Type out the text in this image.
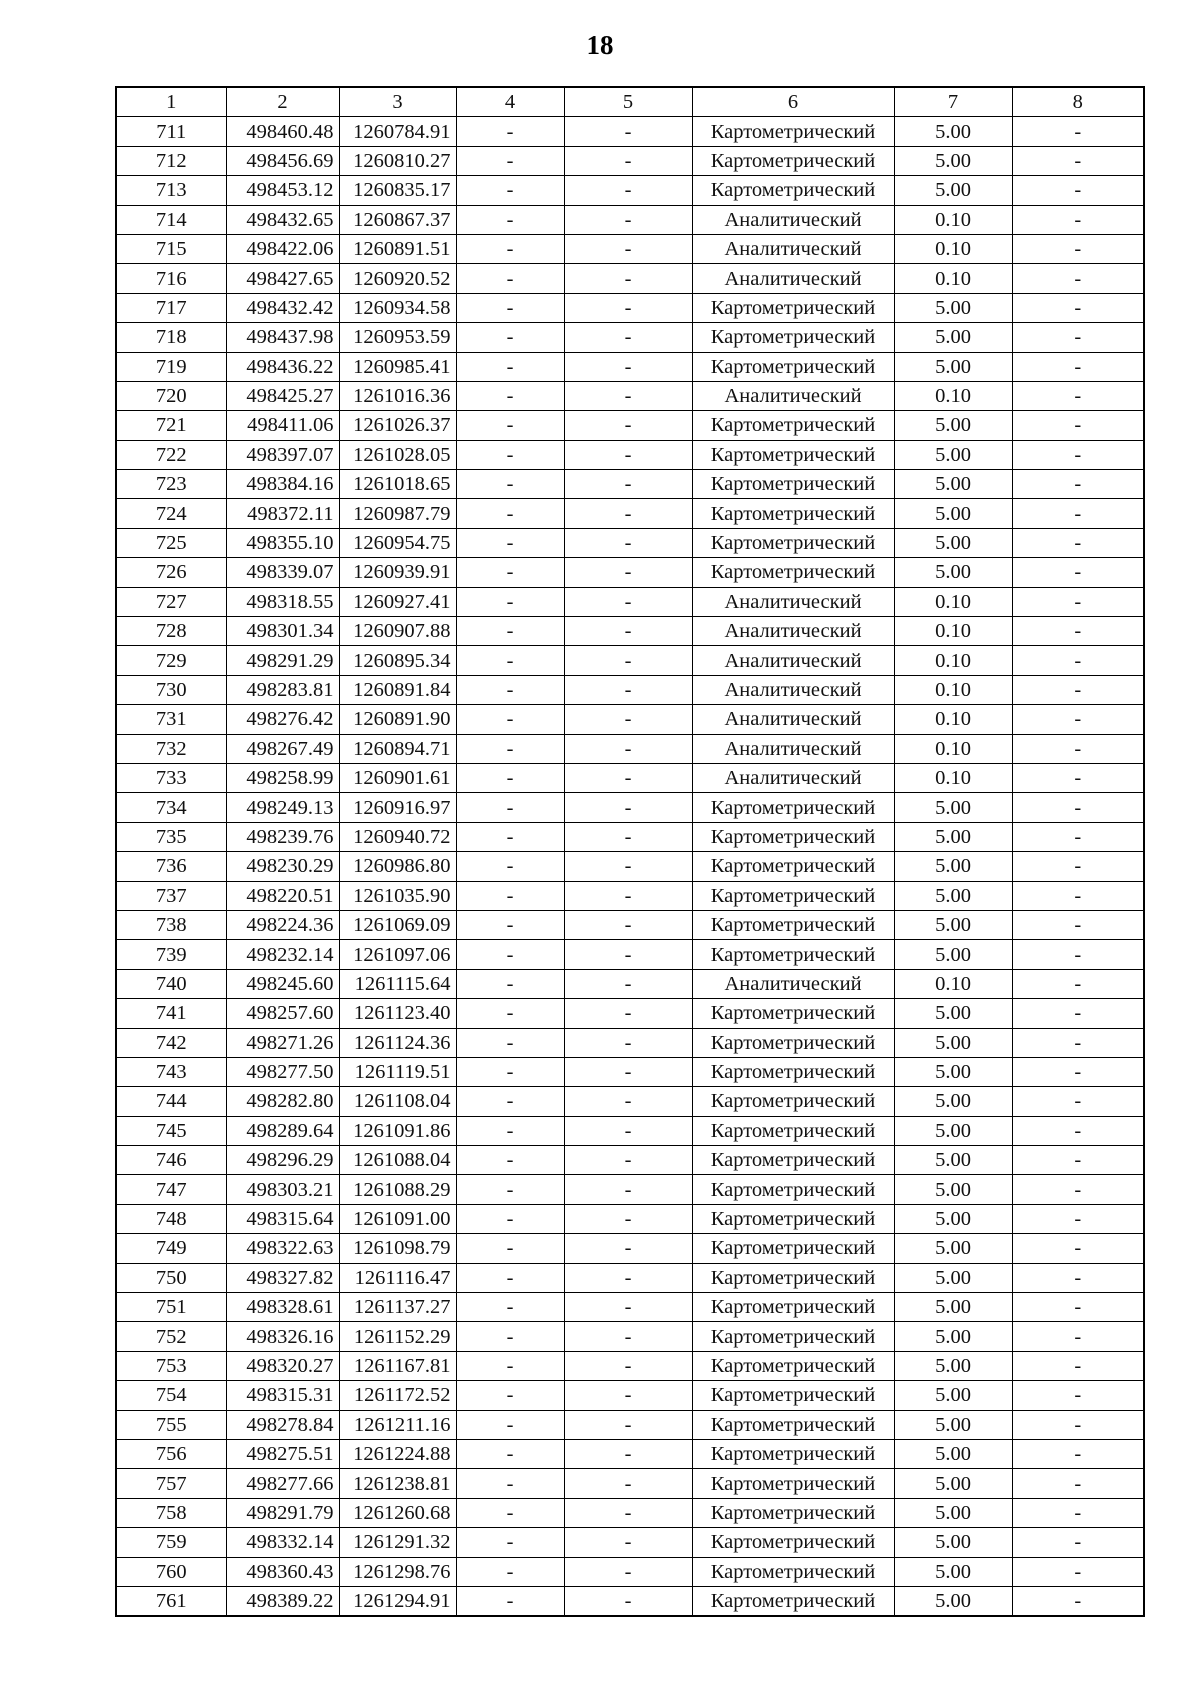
18
1	2	3	4	5	6	7	8
711	498460.48	1260784.91	-	-	Картометрический	5.00	-
712	498456.69	1260810.27	-	-	Картометрический	5.00	-
713	498453.12	1260835.17	-	-	Картометрический	5.00	-
714	498432.65	1260867.37	-	-	Аналитический	0.10	-
715	498422.06	1260891.51	-	-	Аналитический	0.10	-
716	498427.65	1260920.52	-	-	Аналитический	0.10	-
717	498432.42	1260934.58	-	-	Картометрический	5.00	-
718	498437.98	1260953.59	-	-	Картометрический	5.00	-
719	498436.22	1260985.41	-	-	Картометрический	5.00	-
720	498425.27	1261016.36	-	-	Аналитический	0.10	-
721	498411.06	1261026.37	-	-	Картометрический	5.00	-
722	498397.07	1261028.05	-	-	Картометрический	5.00	-
723	498384.16	1261018.65	-	-	Картометрический	5.00	-
724	498372.11	1260987.79	-	-	Картометрический	5.00	-
725	498355.10	1260954.75	-	-	Картометрический	5.00	-
726	498339.07	1260939.91	-	-	Картометрический	5.00	-
727	498318.55	1260927.41	-	-	Аналитический	0.10	-
728	498301.34	1260907.88	-	-	Аналитический	0.10	-
729	498291.29	1260895.34	-	-	Аналитический	0.10	-
730	498283.81	1260891.84	-	-	Аналитический	0.10	-
731	498276.42	1260891.90	-	-	Аналитический	0.10	-
732	498267.49	1260894.71	-	-	Аналитический	0.10	-
733	498258.99	1260901.61	-	-	Аналитический	0.10	-
734	498249.13	1260916.97	-	-	Картометрический	5.00	-
735	498239.76	1260940.72	-	-	Картометрический	5.00	-
736	498230.29	1260986.80	-	-	Картометрический	5.00	-
737	498220.51	1261035.90	-	-	Картометрический	5.00	-
738	498224.36	1261069.09	-	-	Картометрический	5.00	-
739	498232.14	1261097.06	-	-	Картометрический	5.00	-
740	498245.60	1261115.64	-	-	Аналитический	0.10	-
741	498257.60	1261123.40	-	-	Картометрический	5.00	-
742	498271.26	1261124.36	-	-	Картометрический	5.00	-
743	498277.50	1261119.51	-	-	Картометрический	5.00	-
744	498282.80	1261108.04	-	-	Картометрический	5.00	-
745	498289.64	1261091.86	-	-	Картометрический	5.00	-
746	498296.29	1261088.04	-	-	Картометрический	5.00	-
747	498303.21	1261088.29	-	-	Картометрический	5.00	-
748	498315.64	1261091.00	-	-	Картометрический	5.00	-
749	498322.63	1261098.79	-	-	Картометрический	5.00	-
750	498327.82	1261116.47	-	-	Картометрический	5.00	-
751	498328.61	1261137.27	-	-	Картометрический	5.00	-
752	498326.16	1261152.29	-	-	Картометрический	5.00	-
753	498320.27	1261167.81	-	-	Картометрический	5.00	-
754	498315.31	1261172.52	-	-	Картометрический	5.00	-
755	498278.84	1261211.16	-	-	Картометрический	5.00	-
756	498275.51	1261224.88	-	-	Картометрический	5.00	-
757	498277.66	1261238.81	-	-	Картометрический	5.00	-
758	498291.79	1261260.68	-	-	Картометрический	5.00	-
759	498332.14	1261291.32	-	-	Картометрический	5.00	-
760	498360.43	1261298.76	-	-	Картометрический	5.00	-
761	498389.22	1261294.91	-	-	Картометрический	5.00	-
